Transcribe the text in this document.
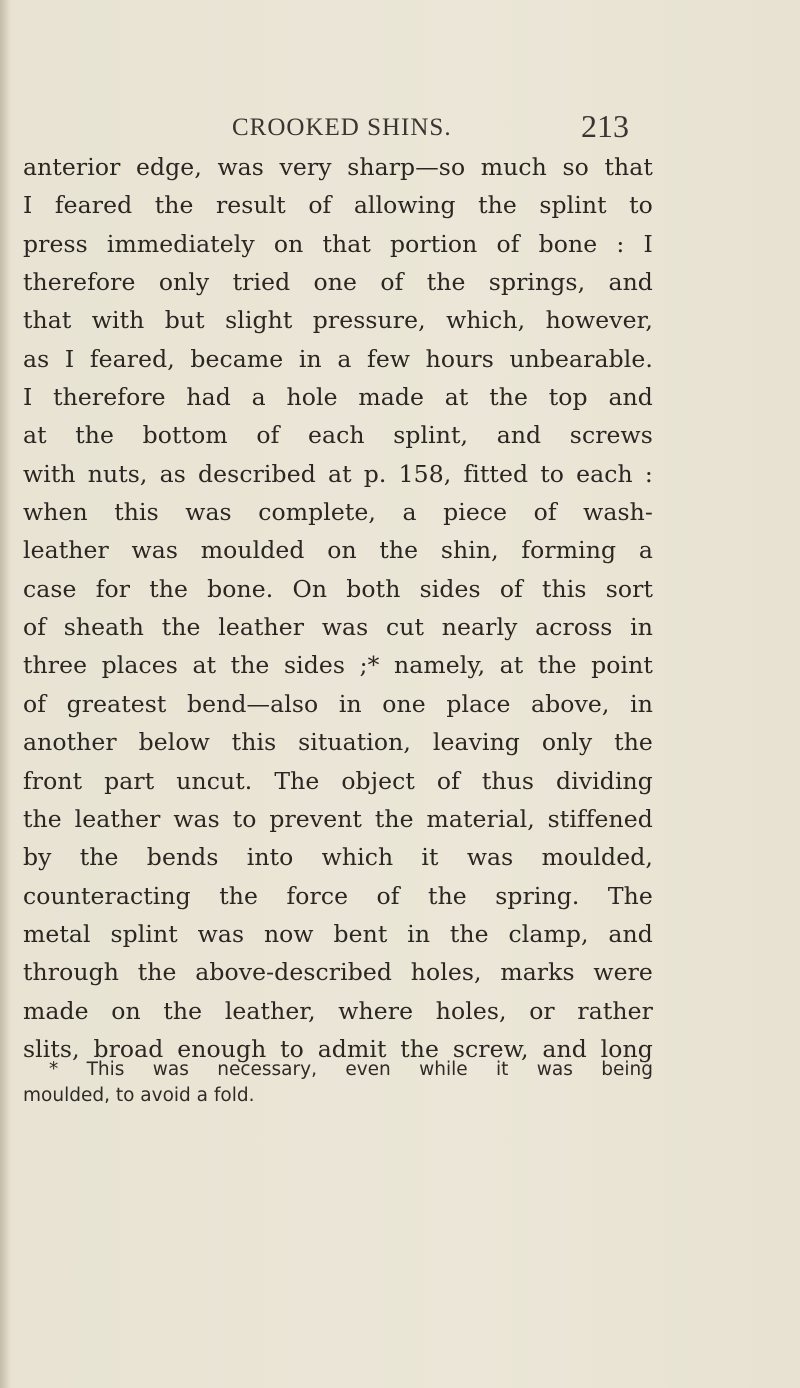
CROOKED SHINS.	213
anterior edge, was very sharp—so much so that
I feared the result of allowing the splint to
press immediately on that portion of bone : I
therefore only tried one of the springs, and
that with but slight pressure, which, however,
as I feared, became in a few hours unbearable.
I therefore had a hole made at the top and
at the bottom of each splint, and screws
with nuts, as described at p. 158, fitted to each :
when this was complete, a piece of wash-
leather was moulded on the shin, forming a
case for the bone. On both sides of this sort
of sheath the leather was cut nearly across in
three places at the sides ;* namely, at the point
of greatest bend—also in one place above, in
another below this situation, leaving only the
front part uncut. The object of thus dividing
the leather was to prevent the material, stiffened
by the bends into which it was moulded,
counteracting the force of the spring. The
metal splint was now bent in the clamp, and
through the above-described holes, marks were
made on the leather, where holes, or rather
slits, broad enough to admit the screw, and long
* This was necessary, even while it was being
moulded, to avoid a fold.
